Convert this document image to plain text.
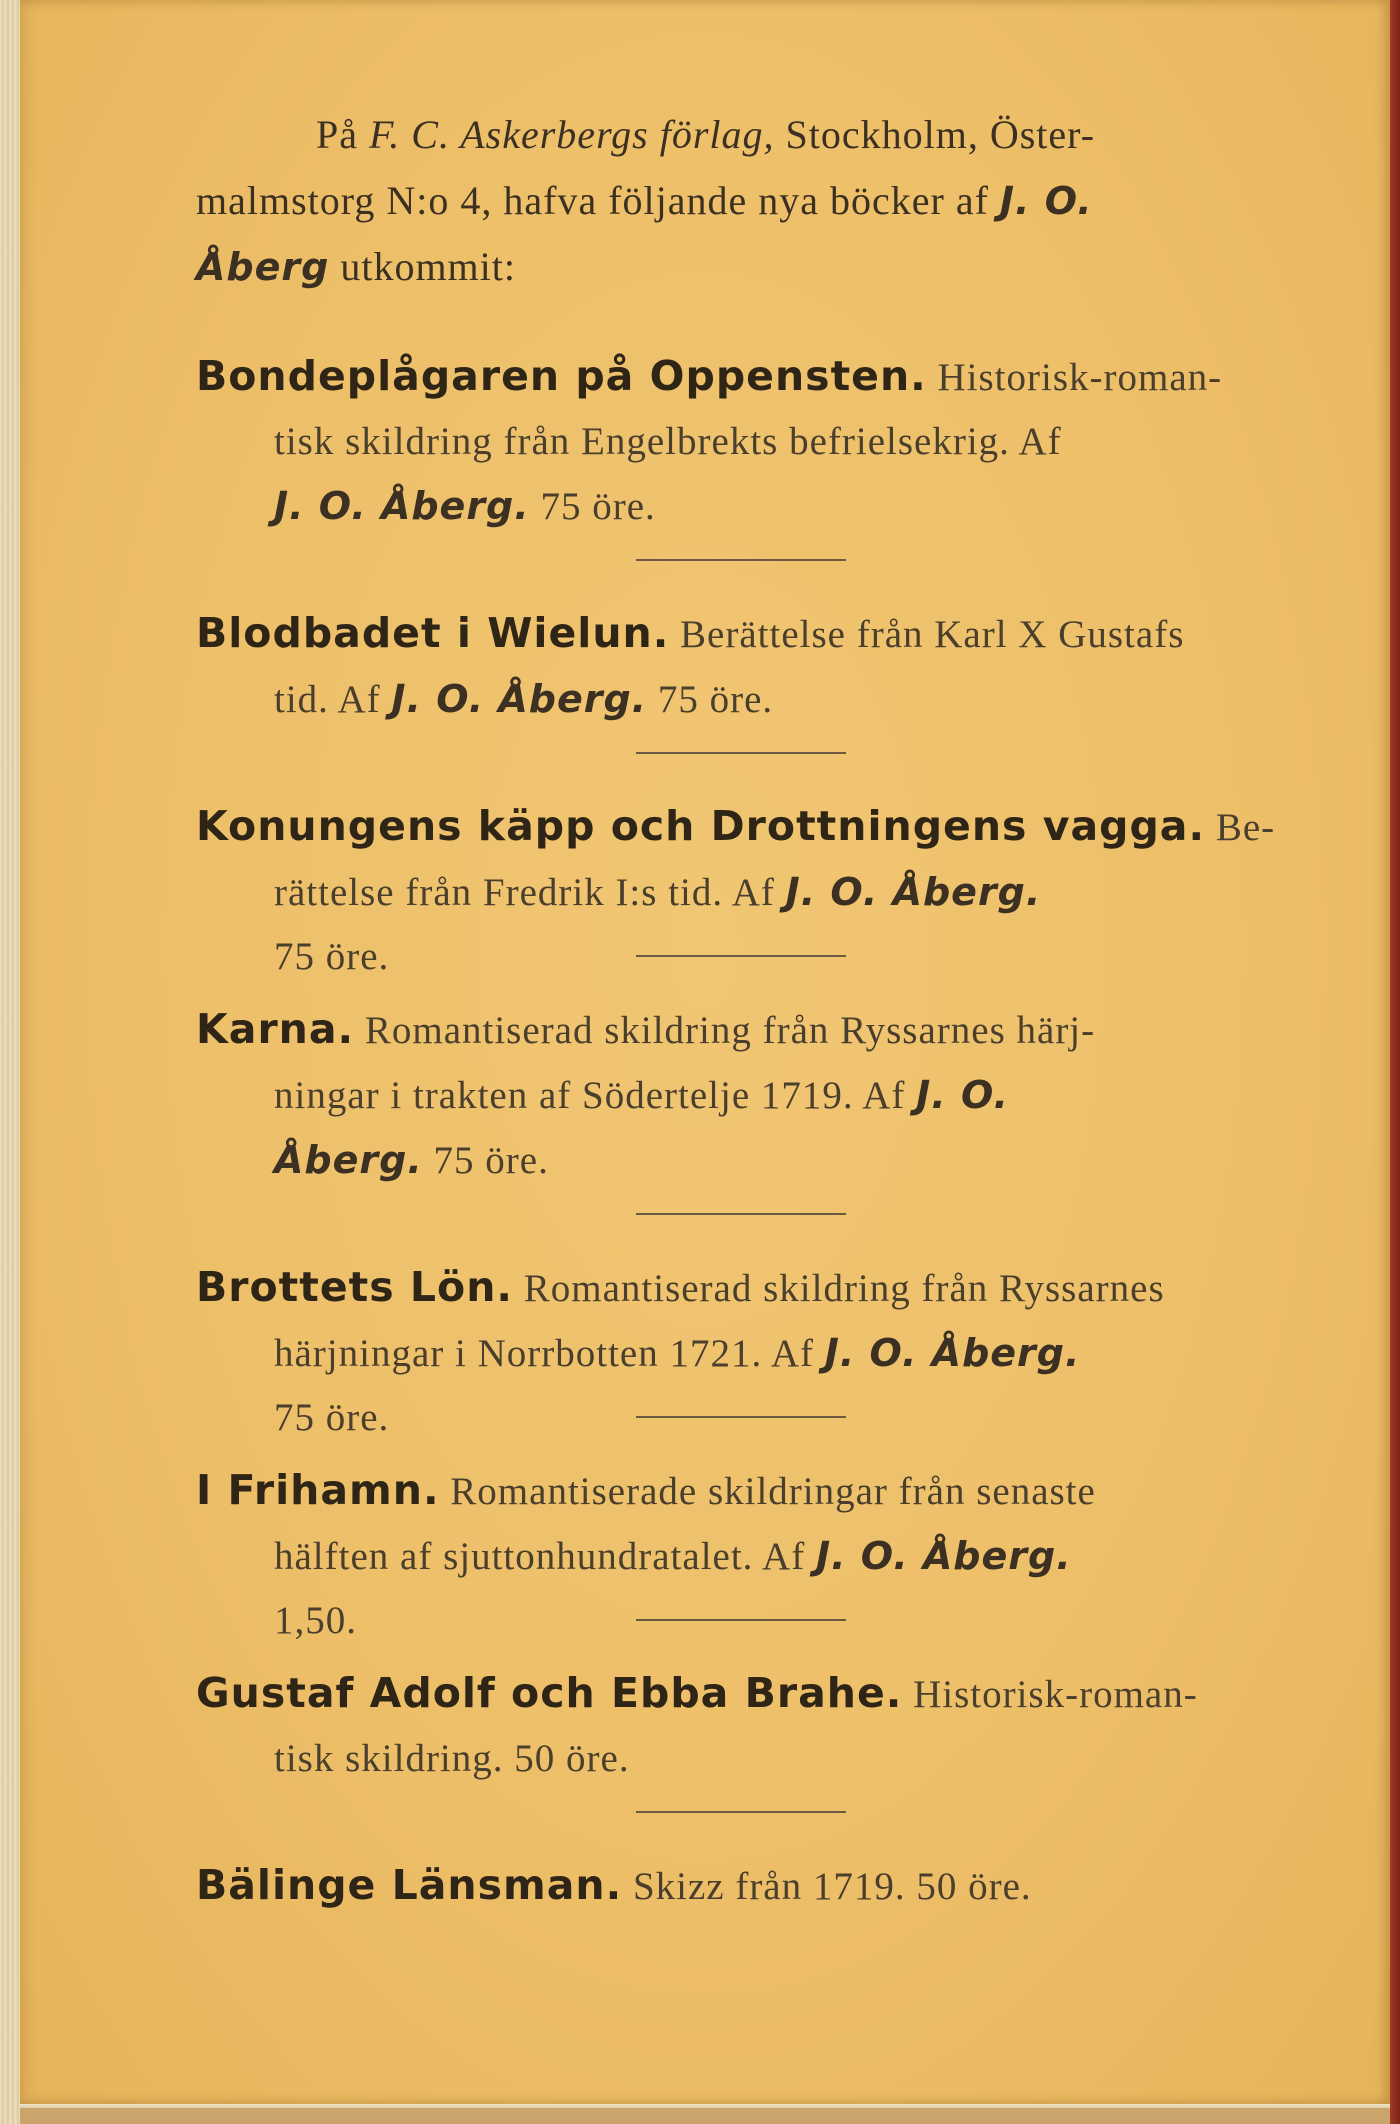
På F. C. Askerbergs förlag, Stockholm, Öster-
malmstorg N:o 4, hafva följande nya böcker af J. O.
Åberg utkommit:
Bondeplågaren på Oppensten. Historisk-roman-
tisk skildring från Engelbrekts befrielsekrig. Af
J. O. Åberg. 75 öre.
Blodbadet i Wielun. Berättelse från Karl X Gustafs
tid. Af J. O. Åberg. 75 öre.
Konungens käpp och Drottningens vagga. Be-
rättelse från Fredrik I:s tid. Af J. O. Åberg.
75 öre.
Karna. Romantiserad skildring från Ryssarnes härj-
ningar i trakten af Södertelje 1719. Af J. O.
Åberg. 75 öre.
Brottets Lön. Romantiserad skildring från Ryssarnes
härjningar i Norrbotten 1721. Af J. O. Åberg.
75 öre.
I Frihamn. Romantiserade skildringar från senaste
hälften af sjuttonhundratalet. Af J. O. Åberg.
1,50.
Gustaf Adolf och Ebba Brahe. Historisk-roman-
tisk skildring. 50 öre.
Bälinge Länsman. Skizz från 1719. 50 öre.
